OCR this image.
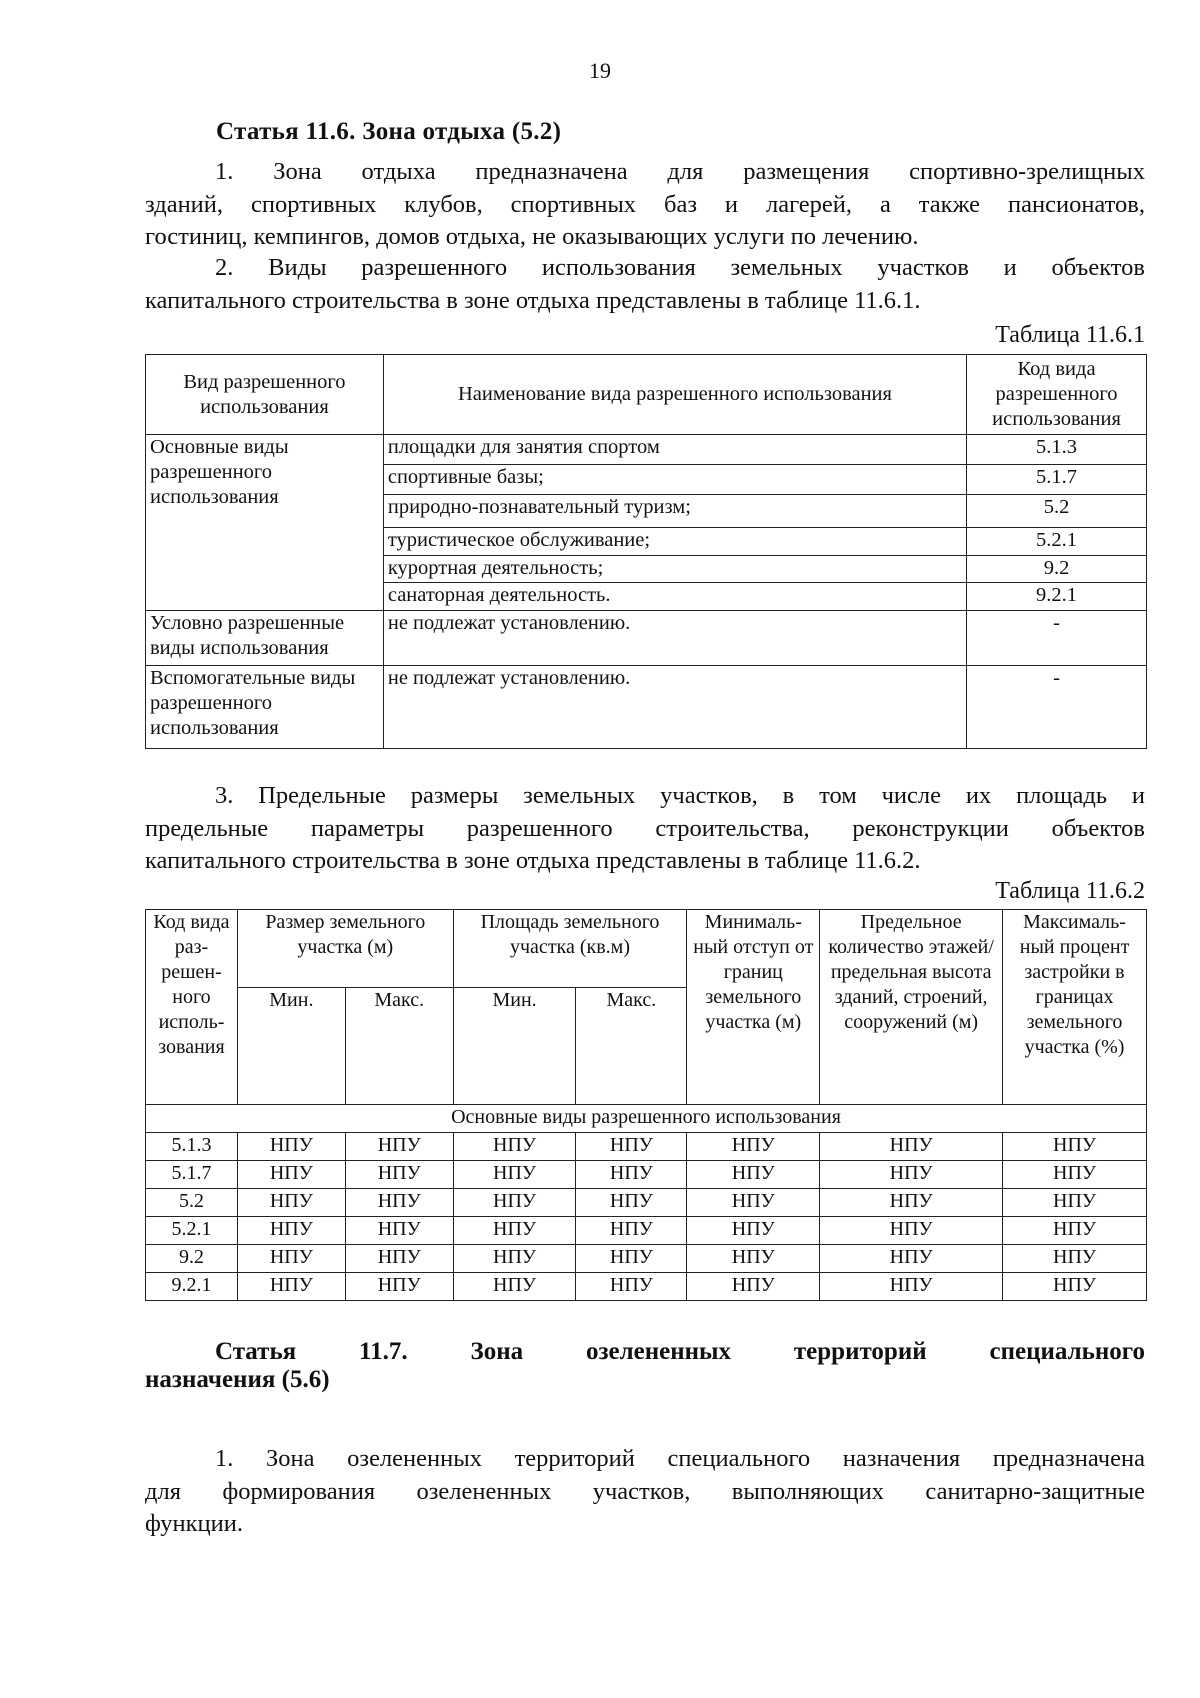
19
Статья 11.6. Зона отдыха (5.2)
1. Зона отдыха предназначена для размещения спортивно-зрелищных
зданий, спортивных клубов, спортивных баз и лагерей, а также пансионатов,
гостиниц, кемпингов, домов отдыха, не оказывающих услуги по лечению.
2. Виды разрешенного использования земельных участков и объектов
капитального строительства в зоне отдыха представлены в таблице 11.6.1.
Таблица 11.6.1
Вид разрешенного использования	Наименование вида разрешенного использования	Код вида разрешенного использования
Основные виды разрешенного использования	площадки для занятия спортом	5.1.3
	спортивные базы;	5.1.7
	природно-познавательный туризм;	5.2
	туристическое обслуживание;	5.2.1
	курортная деятельность;	9.2
	санаторная деятельность.	9.2.1
Условно разрешенные виды использования	не подлежат установлению.	-
Вспомогательные виды разрешенного использования	не подлежат установлению.	-
3. Предельные размеры земельных участков, в том числе их площадь и
предельные параметры разрешенного строительства, реконструкции объектов
капитального строительства в зоне отдыха представлены в таблице 11.6.2.
Таблица 11.6.2
Код вида раз- решен- ного исполь- зования	Размер земельного участка (м)		Площадь земельного участка (кв.м)		Минималь- ный отступ от границ земельного участка (м)	Предельное количество этажей/ предельная высота зданий, строений, сооружений (м)	Максималь- ный процент застройки в границах земельного участка (%)
	Мин.	Макс.	Мин.	Макс.			
Основные виды разрешенного использования							
5.1.3	НПУ	НПУ	НПУ	НПУ	НПУ	НПУ	НПУ
5.1.7	НПУ	НПУ	НПУ	НПУ	НПУ	НПУ	НПУ
5.2	НПУ	НПУ	НПУ	НПУ	НПУ	НПУ	НПУ
5.2.1	НПУ	НПУ	НПУ	НПУ	НПУ	НПУ	НПУ
9.2	НПУ	НПУ	НПУ	НПУ	НПУ	НПУ	НПУ
9.2.1	НПУ	НПУ	НПУ	НПУ	НПУ	НПУ	НПУ
Статья 11.7. Зона озелененных территорий специального
назначения (5.6)
1. Зона озелененных территорий специального назначения предназначена
для формирования озелененных участков, выполняющих санитарно-защитные
функции.
